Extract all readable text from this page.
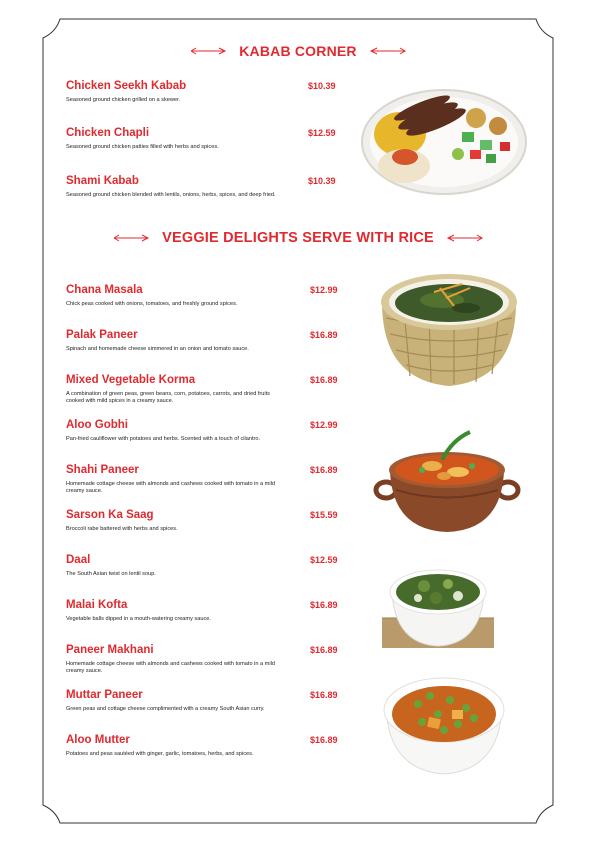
KABAB CORNER
Chicken Seekh Kabab
Seasoned ground chicken grilled on a skewer.
$10.39
Chicken Chapli
Seasoned ground chicken patties filled with herbs and spices.
$12.59
Shami Kabab
Seasoned ground chicken blended with lentils, onions, herbs, spices, and deep fried.
$10.39
VEGGIE DELIGHTS SERVE WITH RICE
Chana Masala
Chick peas cooked with onions, tomatoes, and freshly ground spices.
$12.99
Palak Paneer
Spinach and homemade cheese simmered in an onion and tomato sauce.
$16.89
Mixed Vegetable Korma
A combination of green peas, green beans, corn, potatoes, carrots, and dried fruits cooked with mild spices in a creamy sauce.
$16.89
Aloo Gobhi
Pan-fried cauliflower with potatoes and herbs. Scented with a touch of cilantro.
$12.99
Shahi Paneer
Homemade cottage cheese with almonds and cashews cooked with tomato in a mild creamy sauce.
$16.89
Sarson Ka Saag
Broccoli rabe battered with herbs and spices.
$15.59
Daal
The South Asian twist on lentil soup.
$12.59
Malai Kofta
Vegetable balls dipped in a mouth-watering creamy sauce.
$16.89
Paneer Makhani
Homemade cottage cheese with almonds and cashews cooked with tomato in a mild creamy sauce.
$16.89
Muttar Paneer
Green peas and cottage cheese complimented with a creamy South Asian curry.
$16.89
Aloo Mutter
Potatoes and peas sautéed with ginger, garlic, tomatoes, herbs, and spices.
$16.89
